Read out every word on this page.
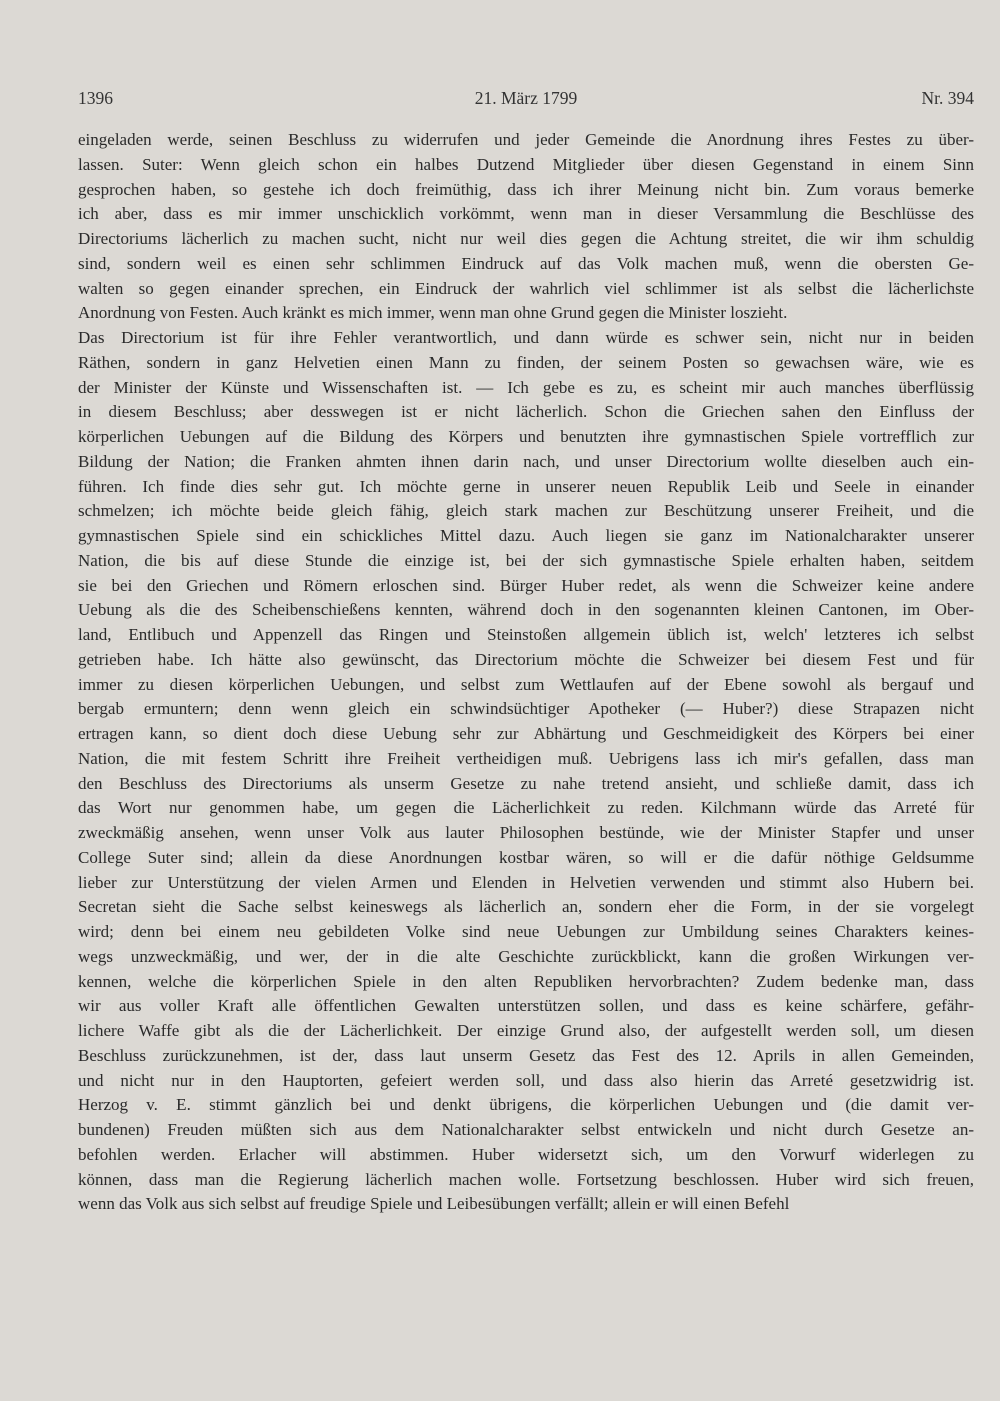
1396	21. März 1799	Nr. 394
eingeladen werde, seinen Beschluss zu widerrufen und jeder Gemeinde die Anordnung ihres Festes zu über-
lassen. Suter: Wenn gleich schon ein halbes Dutzend Mitglieder über diesen Gegenstand in einem Sinn
gesprochen haben, so gestehe ich doch freimüthig, dass ich ihrer Meinung nicht bin. Zum voraus bemerke
ich aber, dass es mir immer unschicklich vorkömmt, wenn man in dieser Versammlung die Beschlüsse des
Directoriums lächerlich zu machen sucht, nicht nur weil dies gegen die Achtung streitet, die wir ihm schuldig
sind, sondern weil es einen sehr schlimmen Eindruck auf das Volk machen muß, wenn die obersten Ge-
walten so gegen einander sprechen, ein Eindruck der wahrlich viel schlimmer ist als selbst die lächerlichste
Anordnung von Festen. Auch kränkt es mich immer, wenn man ohne Grund gegen die Minister loszieht.
Das Directorium ist für ihre Fehler verantwortlich, und dann würde es schwer sein, nicht nur in beiden
Räthen, sondern in ganz Helvetien einen Mann zu finden, der seinem Posten so gewachsen wäre, wie es
der Minister der Künste und Wissenschaften ist. — Ich gebe es zu, es scheint mir auch manches überflüssig
in diesem Beschluss; aber desswegen ist er nicht lächerlich. Schon die Griechen sahen den Einfluss der
körperlichen Uebungen auf die Bildung des Körpers und benutzten ihre gymnastischen Spiele vortrefflich zur
Bildung der Nation; die Franken ahmten ihnen darin nach, und unser Directorium wollte dieselben auch ein-
führen. Ich finde dies sehr gut. Ich möchte gerne in unserer neuen Republik Leib und Seele in einander
schmelzen; ich möchte beide gleich fähig, gleich stark machen zur Beschützung unserer Freiheit, und die
gymnastischen Spiele sind ein schickliches Mittel dazu. Auch liegen sie ganz im Nationalcharakter unserer
Nation, die bis auf diese Stunde die einzige ist, bei der sich gymnastische Spiele erhalten haben, seitdem
sie bei den Griechen und Römern erloschen sind. Bürger Huber redet, als wenn die Schweizer keine andere
Uebung als die des Scheibenschießens kennten, während doch in den sogenannten kleinen Cantonen, im Ober-
land, Entlibuch und Appenzell das Ringen und Steinstoßen allgemein üblich ist, welch' letzteres ich selbst
getrieben habe. Ich hätte also gewünscht, das Directorium möchte die Schweizer bei diesem Fest und für
immer zu diesen körperlichen Uebungen, und selbst zum Wettlaufen auf der Ebene sowohl als bergauf und
bergab ermuntern; denn wenn gleich ein schwindsüchtiger Apotheker (— Huber?) diese Strapazen nicht
ertragen kann, so dient doch diese Uebung sehr zur Abhärtung und Geschmeidigkeit des Körpers bei einer
Nation, die mit festem Schritt ihre Freiheit vertheidigen muß. Uebrigens lass ich mir's gefallen, dass man
den Beschluss des Directoriums als unserm Gesetze zu nahe tretend ansieht, und schließe damit, dass ich
das Wort nur genommen habe, um gegen die Lächerlichkeit zu reden. Kilchmann würde das Arreté für
zweckmäßig ansehen, wenn unser Volk aus lauter Philosophen bestünde, wie der Minister Stapfer und unser
College Suter sind; allein da diese Anordnungen kostbar wären, so will er die dafür nöthige Geldsumme
lieber zur Unterstützung der vielen Armen und Elenden in Helvetien verwenden und stimmt also Hubern bei.
Secretan sieht die Sache selbst keineswegs als lächerlich an, sondern eher die Form, in der sie vorgelegt
wird; denn bei einem neu gebildeten Volke sind neue Uebungen zur Umbildung seines Charakters keines-
wegs unzweckmäßig, und wer, der in die alte Geschichte zurückblickt, kann die großen Wirkungen ver-
kennen, welche die körperlichen Spiele in den alten Republiken hervorbrachten? Zudem bedenke man, dass
wir aus voller Kraft alle öffentlichen Gewalten unterstützen sollen, und dass es keine schärfere, gefähr-
lichere Waffe gibt als die der Lächerlichkeit. Der einzige Grund also, der aufgestellt werden soll, um diesen
Beschluss zurückzunehmen, ist der, dass laut unserm Gesetz das Fest des 12. Aprils in allen Gemeinden,
und nicht nur in den Hauptorten, gefeiert werden soll, und dass also hierin das Arreté gesetzwidrig ist.
Herzog v. E. stimmt gänzlich bei und denkt übrigens, die körperlichen Uebungen und (die damit ver-
bundenen) Freuden müßten sich aus dem Nationalcharakter selbst entwickeln und nicht durch Gesetze an-
befohlen werden. Erlacher will abstimmen. Huber widersetzt sich, um den Vorwurf widerlegen zu
können, dass man die Regierung lächerlich machen wolle. Fortsetzung beschlossen. Huber wird sich freuen,
wenn das Volk aus sich selbst auf freudige Spiele und Leibesübungen verfällt; allein er will einen Befehl
